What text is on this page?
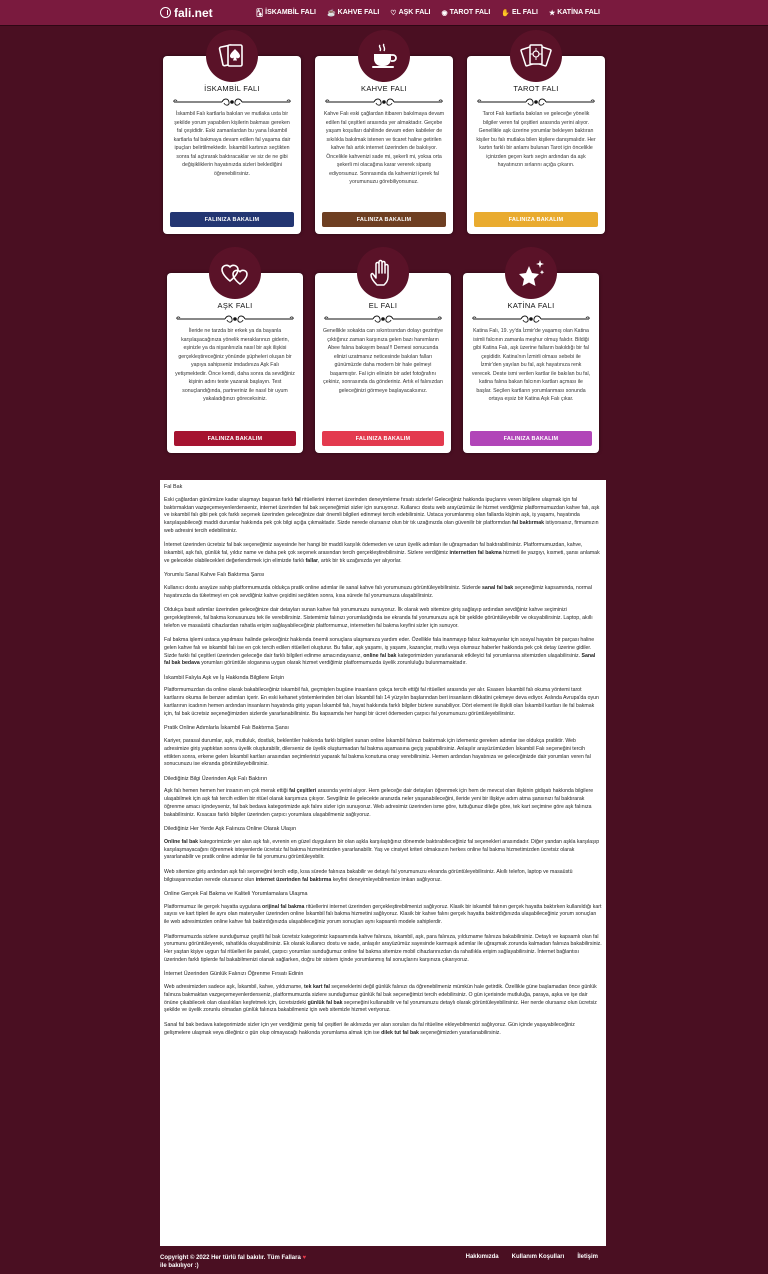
fali.net	🂡 İSKAMBİL FALI ☕ KAHVE FALI ♡ AŞK FALI ◉ TAROT FALI ✋ EL FALI ★ KATİNA FALI
İSKAMBİL FALI

İskambil Falı kartlarla bakılan ve mutlaka usta bir şekilde yorum yapabilen kişilerin bakması gereken fal çeşididir. Eski zamanlardan bu yana İskambil kartlarla fal bakmaya devam edilen fal yaşama dair ipuçları belirtilmektedir. İskambil kartınızı seçtikten sonra fal açtırarak baktıracaklar ve siz de ne gibi değişikliklerin hayatınızda sizleri beklediğini öğrenebilirsiniz.

FALINIZA BAKALIM
KAHVE FALI

Kahve Falı eski çağlardan itibaren bakılmaya devam edilen fal çeşitleri arasında yer almaktadır. Geçebe yaşam koşulları dahilinde devam eden kabileler de sıkılıkla bakılmak istenen ve ticaret haline getirilen kahve falı artık internet üzerinden de bakılıyor. Öncelikle kahvenizi sade mi, şekerli mi, yoksa orta şekerli mi olacağına karar vererek sipariş ediyorsunuz. Sonrasında da kahvenizi içerek fal yorumunuzu görebiliyorsunuz.

FALINIZA BAKALIM
TAROT FALI

Tarot Falı kartlarla bakılan ve geleceğe yönelik bilgiler veren fal çeşitleri arasında yerini alıyor. Genellikle aşk üzerine yorumlar bekleyen baktıran kişiler bu falı mutlaka bilen kişilere danışmalıdır. Her kartın farklı bir anlamı bulunan Tarot için öncelikle içinizden geçen kartı seçin ardından da aşk hayatınızın sırlarını açığa çıkarın.

FALINIZA BAKALIM
AŞK FALI

İleride ne tarzda bir erkek ya da bayanla karşılaşacağınıza yönelik meraklarınızı giderin, eşinizle ya da nişanlınızla nasıl bir aşk ilişkisi gerçekleştireceğiniz yönünde şüpheleri oluşan bir yapıya sahipseniz imdadınıza Aşk Falı yetişmektedir. Önce kendi, daha sonra da sevdiğiniz kişinin adını teste yazarak başlayın. Test sonuçlandığında, partneriniz ile nasıl bir uyum yakaladığınızı göreceksiniz.

FALINIZA BAKALIM
EL FALI

Genellikle sokakta can sıkıntısından dolayı gezintiye çıktığınız zaman karşınıza gelen bazı hanımların Abee falına bakayım beaa!!! Demesi sonucunda elinizi uzatmanız neticesinde bakılan falları günümüzde daha modern bir hale gelmeyi başarmıştır. Fal için elinizin bir adet fotoğrafını çekiniz, sonrasında da gönderiniz. Artık el falınızdan geleceğinizi görmeye başlayacaksınız.

FALINIZA BAKALIM
KATİNA FALI

Katina Falı, 19. yy'da İzmir'de yaşamış olan Katina isimli falcının zamanla meşhur olmuş falıdır. Bildiği gibi Katina Falı, aşk üzerine falların bakıldığı bir fal çeşididir. Katina'nın İzmirli olması sebebi ile İzmir'den yayılan bu fal, aşk hayatınıza renk verecek. Deste ismi verilen kartlar ile bakılan bu fal, katina falına bakan falcının kartları açması ile başlar. Seçilen kartların yorumlanması sonunda ortaya eşsiz bir Katina Aşk Falı çıkar.

FALINIZA BAKALIM
Fal Bak

Eski çağlardan günümüze kadar ulaşmayı başaran farklı fal ritüellerini internet üzerinden deneyimleme fırsatı sizlerle! Geleceğiniz hakkında ipuçlarını veren bilgilere ulaşmak için fal baktırmaktan vazgeçemeyenlerdenseniz, internet üzerinden fal bak seçeneğimizi sizler için sunuyoruz. Kullanıcı dostu web arayüzümüz ile hizmet verdiğimiz platformumuzdan kahve falı, aşk ve iskambil falı gibi pek çok farklı seçenek üzerinden geleceğinize dair önemli bilgileri edinmeyi tercih edebilirsiniz. Ustaca yorumlanmış olan fallarda kişinin aşk, iş yaşamı, hayatında karşılaşabileceği maddi durumlar hakkında pek çok bilgi açığa çıkmaktadır. Sizde nerede olursanız olun bir tık uzağınızda olan güvenilir bir platformdan fal baktırmak istiyorsanız, firmamızın web adresini tercih edebilirsiniz.

İnternet üzerinden ücretsiz fal bak seçeneğimiz sayesinde her hangi bir maddi karşılık ödemeden ve uzun üyelik adımları ile uğraşmadan fal baktırabilirsiniz. Platformumuzdan, kahve, iskambil, aşk falı, günlük fal, yıldız name ve daha pek çok seçenek arasından tercih gerçekleştirebilirsiniz. Sizlere verdiğimiz internetten fal bakma hizmeti ile yazgıyı, kısmeti, şansı anlamak ve gelecekte olabilecekleri değerlendirmek için elimizde farklı fallar, artık bir tık uzağınızda yer alıyorlar.

Yorumlu Sanal Kahve Falı Baktırma Şansı

Kullanıcı dostu arayüze sahip platformumuzda oldukça pratik online adımlar ile sanal kahve falı yorumunuzu görüntüleyebilirsiniz. Sizlerde sanal fal bak seçeneğimiz kapsamında, normal hayatınızda da tüketmeyi en çok sevdiğiniz kahve çeşidini seçtikten sonra, kısa sürede fal yorumunuza ulaşabilirsiniz.

Oldukça basit adımlar üzerinden geleceğinize dair detayları sunan kahve falı yorumunuzu sunuyoruz. İlk olarak web sitemize giriş sağlayıp ardından sevdiğiniz kahve seçiminizi gerçekleştirerek, fal bakma konusunuzu tek ile verebilirsiniz. Sistemimiz falınızı yorumladığında ise ekranda fal yorumunuzu açık bir şekilde görüntüleyebilir ve okuyabilirsiniz. Laptop, akıllı telefon ve masaüstü cihazlardan rahatla erişim sağlayabileceğiniz platformumuz, internetten fal bakma keyfini sizler için sunuyor.

Fal bakma işlemi ustaca yapılması halinde geleceğiniz hakkında önemli sonuçlara ulaşmanıza yardım eder. Özellikle fala inanmayıp falsız kalmayanlar için sosyal hayatın bir parçası haline gelen kahve falı ve iskambil falı ise en çok tercih edilen ritüelleri oluşturur. Bu fallar, aşk yaşamı, iş yaşamı, kazançlar, mutlu veya olumsuz haberler hakkında pek çok detay üzerine gidiler. Sizde farklı fal çeşitleri üzerinden geleceğe dair farklı bilgileri edinme amacındaysanız, online fal bak kategorimizden yararlanarak etkileyici fal yorumlarına sitemizden ulaşabilirsiniz. Sanal fal bak bedava yorumları görüntüle sloganına uygun olarak hizmet verdiğimiz platformumuzda üyelik zorunluluğu bulunmamaktadır.

İskambil Falıyla Aşk ve İş Hakkında Bilgilere Erişin

Platformumuzdan da online olarak bakabileceğiniz iskambil falı, geçmişten bugüne insanların çokça tercih ettiği fal ritüelleri arasında yer alır. Esasen İskambil falı okuma yöntemi tarot kartlarını okuma ile benzer adımları içerir. En eski kehanet yöntemlerinden biri olan İskambil falı 14 yüzyılın başlarından beri insanların dikkatini çekmeye deva ediyor. Aslında Avrupa'da oyun kartlarının icadının hemen ardından insanların hayatında giriş yapan İskambil falı, hayat hakkında farklı bilgiler bizlere sunabiliyor. Dört element ile ilişkili olan İskambil kartları ile fal bakmak için, fal bak ücretsiz seçeneğimizden sizlerde yararlanabilirsiniz. Bu kapsamda her hangi bir ücret ödemeden çarpıcı fal yorumunuzu görüntüleyebilirsiniz.

Pratik Online Adımlarla İskambil Falı Baktırma Şansı

Kariyer, parasal durumlar, aşk, mutluluk, dostluk, beklentiler hakkında farklı bilgileri sunan online İskambil falınızı baktırmak için izlemeniz gereken adımlar ise oldukça pratiktir. Web adresimize giriş yaptıktan sonra üyelik oluşturabilir, dilerseniz de üyelik oluşturmadan fal bakma aşamasına geçiş yapabilirsiniz. Anlaşılır arayüzümüzden İskambil Falı seçeneğini tercih ettikten sonra, erkene gelen İskambil kartları arasından seçimlerinizi yaparak fal bakma konutuna onay verebilirsiniz. Hemen ardından hayatınıza ve geleceğinizde dair yorumları veren fal sonucunuzu ise ekranda görüntüleyebilirsiniz.

Dilediğiniz Bilgi Üzerinden Aşk Falı Baktırın

Aşk falı hemen hemen her insanın en çok merak ettiği fal çeşitleri arasında yerini alıyor. Hem geleceğe dair detayları öğrenmek için hem de mevcut olan ilişkinin gidişatı hakkında bilgilere ulaşabilmek için aşk falı tercih edilen bir ritüel olarak karşımıza çıkıyor. Sevgiliniz ile gelecekte aranızda neler yaşanabileceğini, ileride yeni bir ilişkiye adım atma şansınızı fal baktırarak öğrenme amacı içindeyseniz, fal bak bedava kategorimizde aşk falını sizler için sunuyoruz. Web adresimiz üzerinden isme göre, tuttuğunuz dileğe göre, tek kart seçimine göre aşk falınıza bakabilirsiniz. Kısacası farklı bilgiler üzerinden çarpıcı yorumlara ulaşabilmeniz sağlıyoruz.

Dilediğiniz Her Yerde Aşk Falınıza Online Olarak Ulaşın

Online fal bak kategorimizde yer alan aşk falı, evrenin en güzel duyguların bir olan aşkla karşılaştığınız dönemde baktırabileceğiniz fal seçenekleri arasındadır. Diğer yandan aşkla karşılaşıp karşılaşmayacağını öğrenmek isteyenlerde ücretsiz fal bakma hizmetimizden yararlanabilir. Yaş ve cinsiyet kriteri olmaksızın herkes online fal bakma hizmetimizden ücretsiz olarak yararlanabilir ve pratik online adımlar ile fal yorumunu görüntüleyebilir.

Web sitemize giriş ardından aşk falı seçeneğini tercih edip, kısa sürede falınıza bakabilir ve detaylı fal yorumunuzu ekranda görüntüleyebilirsiniz. Akıllı telefon, laptop ve masaüstü bilgisayarınızdan nerede olursanız olun internet üzerinden fal baktırma keyfini deneyimleyebilmenize imkan sağlıyoruz.

Online Gerçek Fal Bakma ve Kaliteli Yorumlamalara Ulaşma

Platformumuz ile gerçek hayatta uygulana orijinal fal bakma ritüellerini internet üzerinden gerçekleştirebilmenizi sağlıyoruz. Klasik bir iskambil falının gerçek hayatta baktırken kullanıldığı kart sayısı ve kart tipleri ile aynı olan materyaller üzerinden online İskambil falı bakma hizmetini sağlıyoruz. Klasik bir kahve falını gerçek hayatta baktırdığınızda ulaşabileceğiniz yorum sonuçları ile web adresimizden online kahve falı baktırdığınızda ulaşabileceğiniz yorum sonuçları aynı kapsamlı modele sahiplerdir.

Platformumuzda sizlere sunduğumuz çeşitli fal bak ücretsiz kategorimiz kapsamında kahve falınıza, iskambil, aşk, para falınıza, yıldızname falınıza bakabilirsiniz. Detaylı ve kapsamlı olan fal yorumunu görüntüleyerek, rahatlıkla okuyabilirsiniz. Ek olarak kullanıcı dostu ve sade, anlaşılır arayüzümüz sayesinde karmaşık adımlar ile uğraşmak zorunda kalmadan falınıza bakabilirsiniz. Her yaştan kişiye uygun fal ritüelleri ile paralel, çarpıcı yorumları sunduğumuz online fal bakma sitemize mobil cihazlarınızdan da rahatlıkla erişim sağlayabilirsiniz. İnternet bağlantısı üzerinden farklı tiplerde fal bakabilmenizi olanak sağlarken, doğru bir sistem içinde yorumlanmış fal sonuçlarını karşınıza çıkarıyoruz.

İnternet Üzerinden Günlük Falınızı Öğrenme Fırsatı Edinin

Web adresimizden sadece aşk, İskambil, kahve, yıldızname, tek kart fal seçeneklerini değil günlük falınızı da öğrenebilmeniz mümkün hale getirdik. Özellikle güne başlamadan önce günlük falınıza bakmaktan vazgeçemeyenlerdenseniz, platformumuzda sizlere sunduğumuz günlük fal bak seçeneğimizi tercih edebilirsiniz. O gün içerisinde mutluluğa, paraya, aşka ve işe dair önüne çıkabilecek olan olasılıkları keşfetmek için, ücretsizdeki günlük fal bak seçeneğini kullanabilir ve fal yorumunuzu detaylı olarak görüntüleyebilirsiniz. Her nerde olursanız olun ücretsiz şekilde ve üyelik zorunlu olmadan günlük falınıza bakabilmeniz için web sitemizle hizmet veriyoruz.

Sanal fal bak bedava kategorimizde sizler için yer verdiğimiz geniş fal çeşitleri ile aklınızda yer alan soruları da fal ritüeline ekleyebilmenizi sağlıyoruz. Gün içinde yaşayabileceğiniz gelişmelere ulaşmak veya dileğiniz o gün olup olmayacağı hakkında yorumlama almak için ise dilek tut fal bak seçeneğimizden yararlanabilirsiniz.

Copyright © 2022 Her türlü fal bakılır. Tüm Fallara ♥
ile bakılıyor :)
Hakkımızda Kullanım Koşulları İletişim
